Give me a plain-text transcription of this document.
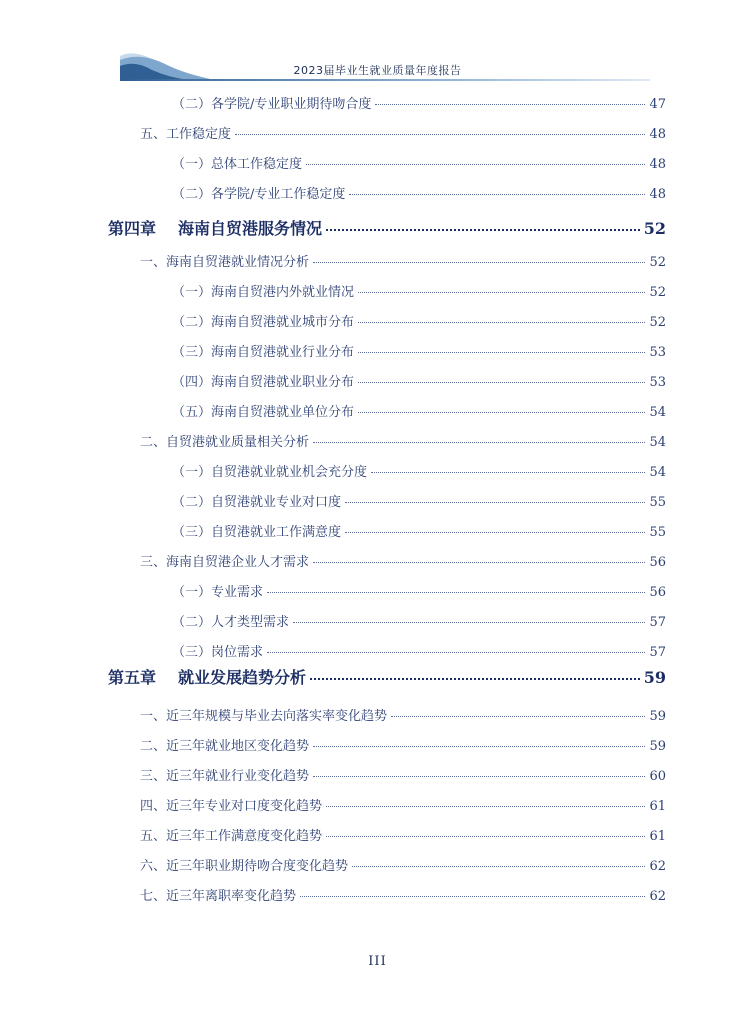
2023届毕业生就业质量年度报告
（二）各学院/专业职业期待吻合度	47
五、工作稳定度	48
（一）总体工作稳定度	48
（二）各学院/专业工作稳定度	48
第四章 海南自贸港服务情况	52
一、海南自贸港就业情况分析	52
（一）海南自贸港内外就业情况	52
（二）海南自贸港就业城市分布	52
（三）海南自贸港就业行业分布	53
（四）海南自贸港就业职业分布	53
（五）海南自贸港就业单位分布	54
二、自贸港就业质量相关分析	54
（一）自贸港就业就业机会充分度	54
（二）自贸港就业专业对口度	55
（三）自贸港就业工作满意度	55
三、海南自贸港企业人才需求	56
（一）专业需求	56
（二）人才类型需求	57
（三）岗位需求	57
第五章 就业发展趋势分析	59
一、近三年规模与毕业去向落实率变化趋势	59
二、近三年就业地区变化趋势	59
三、近三年就业行业变化趋势	60
四、近三年专业对口度变化趋势	61
五、近三年工作满意度变化趋势	61
六、近三年职业期待吻合度变化趋势	62
七、近三年离职率变化趋势	62
III
